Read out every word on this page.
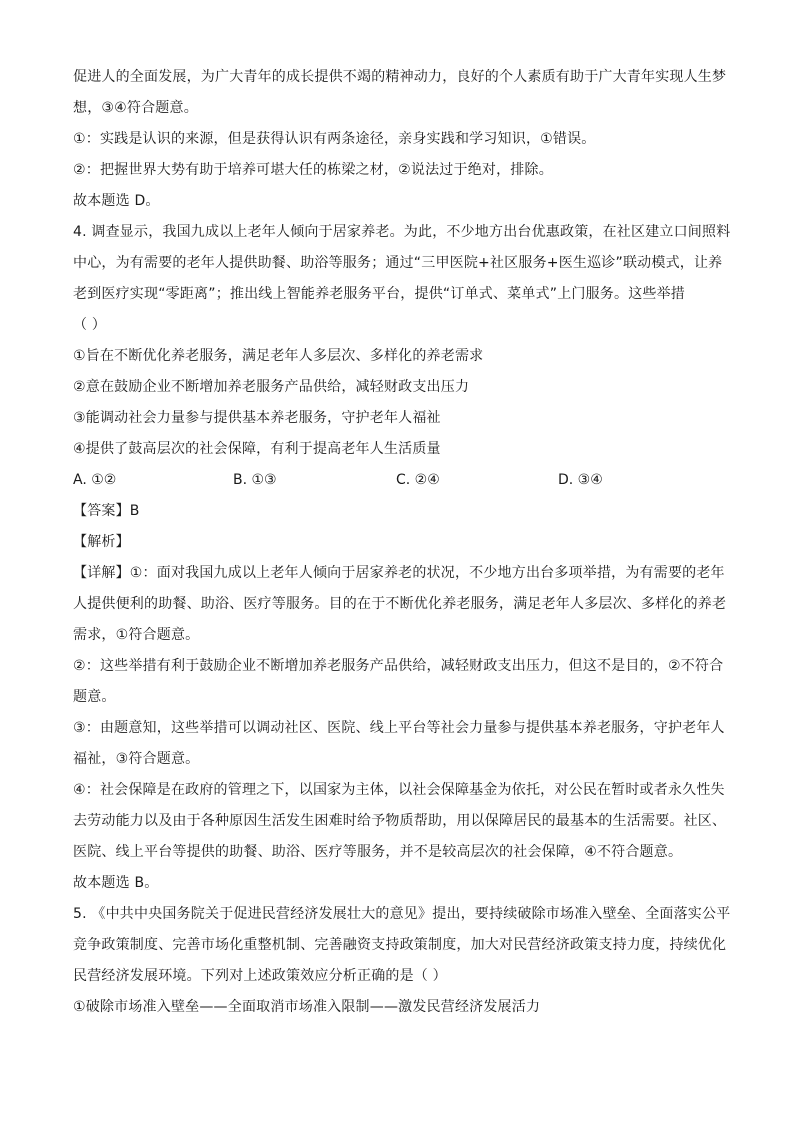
促进人的全面发展，为广大青年的成长提供不竭的精神动力，良好的个人素质有助于广大青年实现人生梦
想，③④符合题意。
①：实践是认识的来源，但是获得认识有两条途径，亲身实践和学习知识，①错误。
②：把握世界大势有助于培养可堪大任的栋梁之材，②说法过于绝对，排除。
故本题选 D。
4. 调查显示，我国九成以上老年人倾向于居家养老。为此，不少地方出台优惠政策，在社区建立口间照料
中心，为有需要的老年人提供助餐、助浴等服务；通过“三甲医院+社区服务+医生巡诊”联动模式，让养
老到医疗实现“零距离”；推出线上智能养老服务平台，提供“订单式、菜单式”上门服务。这些举措
（ ）
①旨在不断优化养老服务，满足老年人多层次、多样化的养老需求
②意在鼓励企业不断增加养老服务产品供给，减轻财政支出压力
③能调动社会力量参与提供基本养老服务，守护老年人福祉
④提供了鼓高层次的社会保障，有利于提高老年人生活质量
A. ①②	B. ①③	C. ②④	D. ③④
【答案】B
【解析】
【详解】①：面对我国九成以上老年人倾向于居家养老的状况，不少地方出台多项举措，为有需要的老年
人提供便利的助餐、助浴、医疗等服务。目的在于不断优化养老服务，满足老年人多层次、多样化的养老
需求，①符合题意。
②：这些举措有利于鼓励企业不断增加养老服务产品供给，减轻财政支出压力，但这不是目的，②不符合
题意。
③：由题意知，这些举措可以调动社区、医院、线上平台等社会力量参与提供基本养老服务，守护老年人
福祉，③符合题意。
④：社会保障是在政府的管理之下，以国家为主体，以社会保障基金为依托，对公民在暂时或者永久性失
去劳动能力以及由于各种原因生活发生困难时给予物质帮助，用以保障居民的最基本的生活需要。社区、
医院、线上平台等提供的助餐、助浴、医疗等服务，并不是较高层次的社会保障，④不符合题意。
故本题选 B。
5. 《中共中央国务院关于促进民营经济发展壮大的意见》提出，要持续破除市场准入壁垒、全面落实公平
竞争政策制度、完善市场化重整机制、完善融资支持政策制度，加大对民营经济政策支持力度，持续优化
民营经济发展环境。下列对上述政策效应分析正确的是（ ）
①破除市场准入壁垒——全面取消市场准入限制——激发民营经济发展活力
